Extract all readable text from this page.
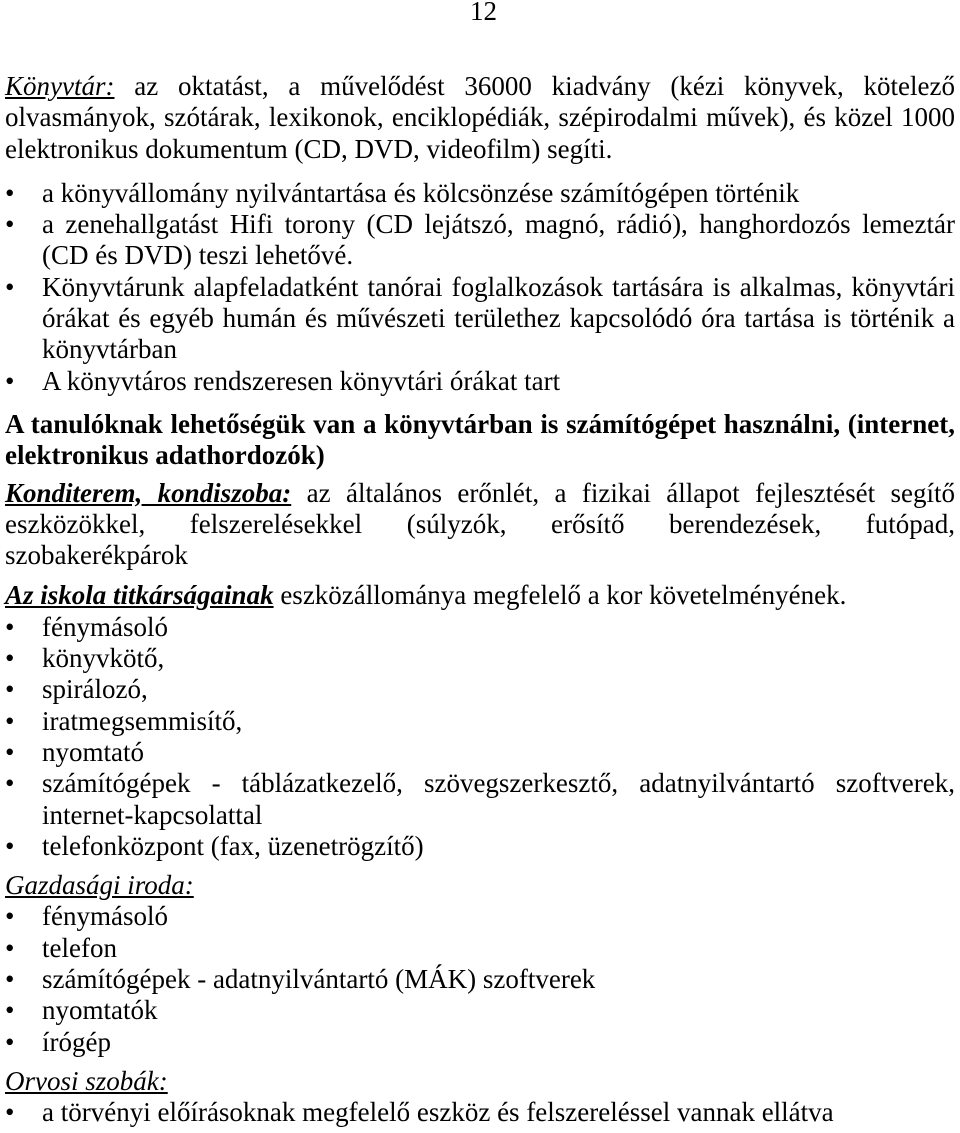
12

Könyvtár: az oktatást, a művelődést 36000 kiadvány (kézi könyvek, kötelező olvasmányok, szótárak, lexikonok, enciklopédiák, szépirodalmi művek), és közel 1000 elektronikus dokumentum (CD, DVD, videofilm) segíti.

•
a könyvállomány nyilvántartása és kölcsönzése számítógépen történik
•
a zenehallgatást Hifi torony (CD lejátszó, magnó, rádió), hanghordozós lemeztár (CD és DVD) teszi lehetővé.
•
Könyvtárunk alapfeladatként tanórai foglalkozások tartására is alkalmas, könyvtári órákat és egyéb humán és művészeti területhez kapcsolódó óra tartása is történik a könyvtárban
•
A könyvtáros rendszeresen könyvtári órákat tart

A tanulóknak lehetőségük van a könyvtárban is számítógépet használni, (internet, elektronikus adathordozók)

Konditerem, kondiszoba: az általános erőnlét, a fizikai állapot fejlesztését segítő eszközökkel, felszerelésekkel (súlyzók, erősítő berendezések, futópad, szobakerékpárok

Az iskola titkárságainak eszközállománya megfelelő a kor követelményének.

•
fénymásoló
•
könyvkötő,
•
spirálozó,
•
iratmegsemmisítő,
•
nyomtató
•
számítógépek - táblázatkezelő, szövegszerkesztő, adatnyilvántartó szoftverek, internet-kapcsolattal
•
telefonközpont (fax, üzenetrögzítő)

Gazdasági iroda:

•
fénymásoló
•
telefon
•
számítógépek - adatnyilvántartó (MÁK) szoftverek
•
nyomtatók
•
írógép

Orvosi szobák:

•
a törvényi előírásoknak megfelelő eszköz és felszereléssel vannak ellátva
